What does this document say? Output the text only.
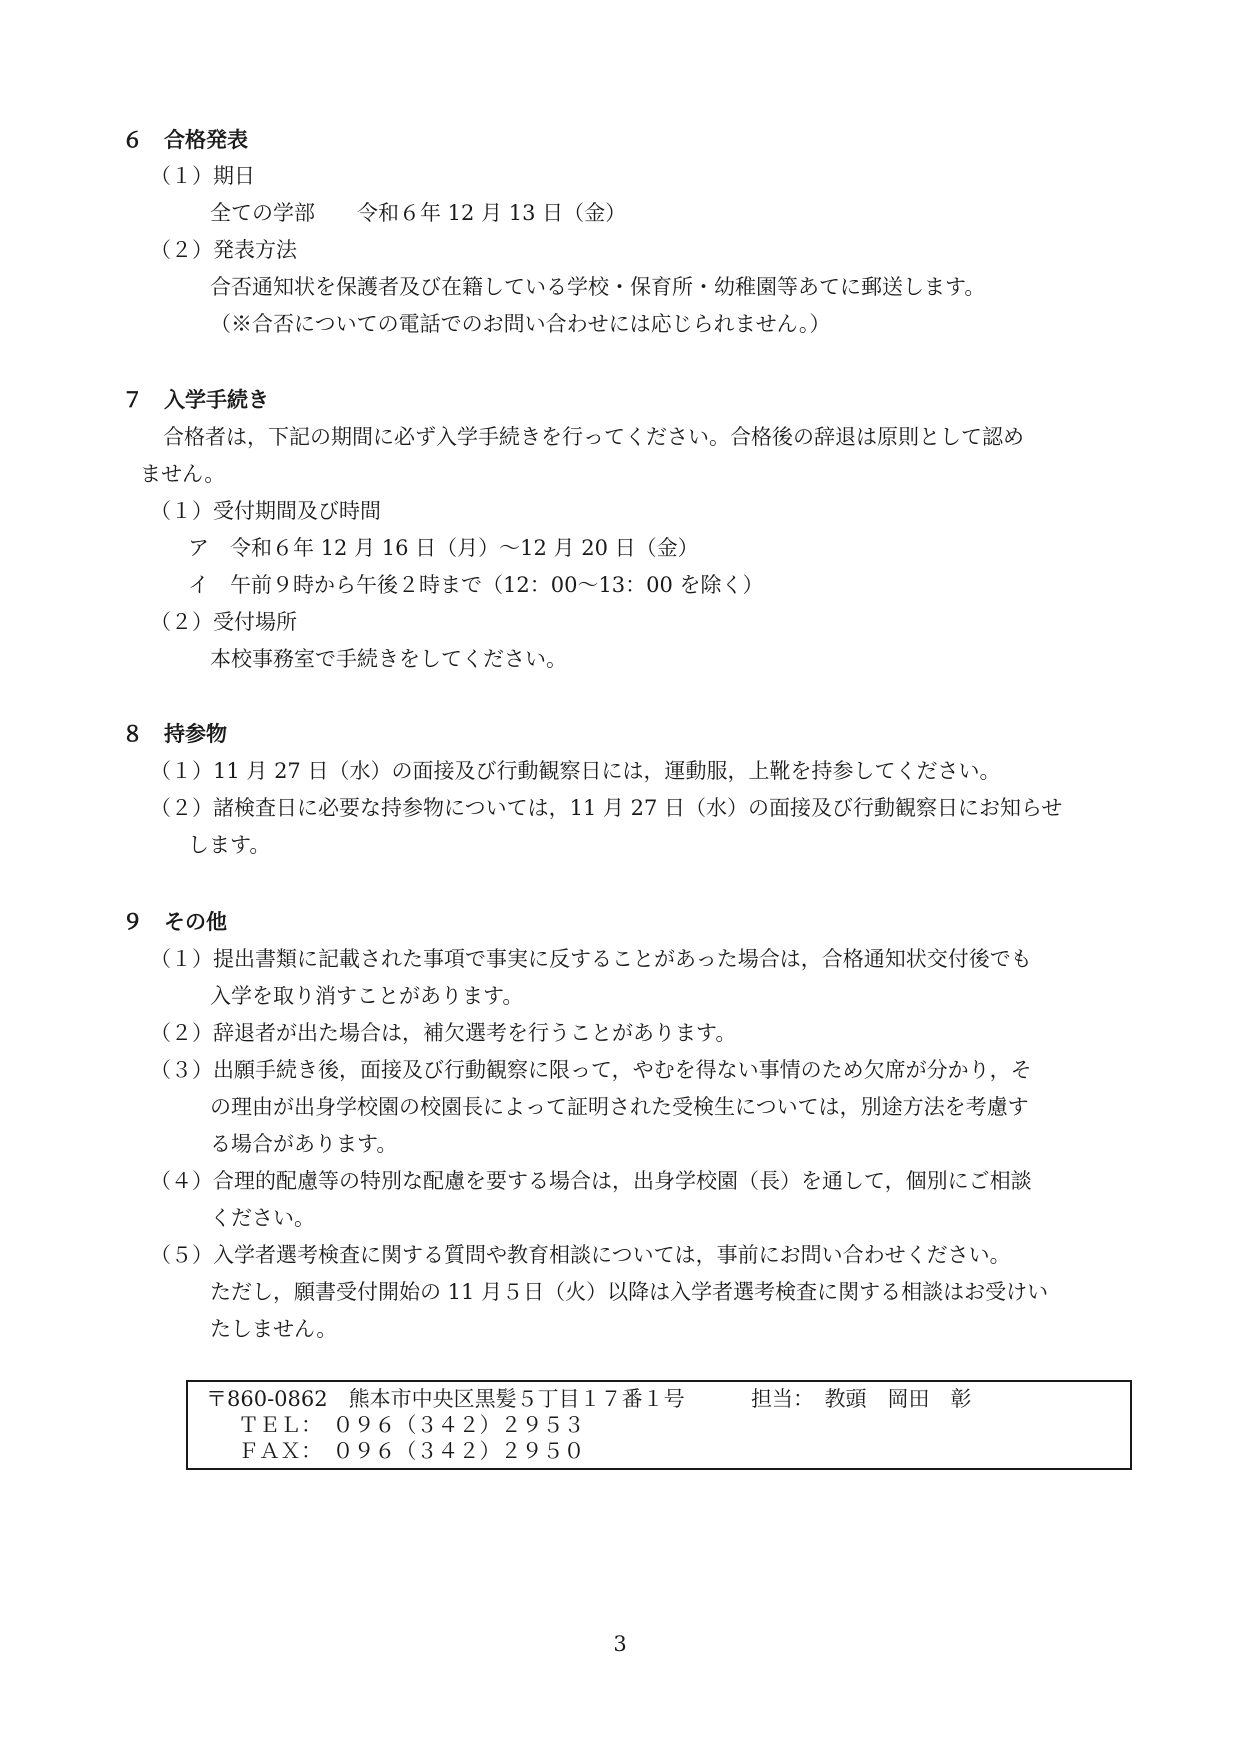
６　合格発表
（１）期日
全ての学部　　令和６年 12 月 13 日（金）
（２）発表方法
合否通知状を保護者及び在籍している学校・保育所・幼稚園等あてに郵送します。
（※合否についての電話でのお問い合わせには応じられません。）
７　入学手続き
合格者は，下記の期間に必ず入学手続きを行ってください。合格後の辞退は原則として認め
ません。
（１）受付期間及び時間
ア　令和６年 12 月 16 日（月）～12 月 20 日（金）
イ　午前９時から午後２時まで（12：00～13：00 を除く）
（２）受付場所
本校事務室で手続きをしてください。
８　持参物
（１）11 月 27 日（水）の面接及び行動観察日には，運動服，上靴を持参してください。
（２）諸検査日に必要な持参物については，11 月 27 日（水）の面接及び行動観察日にお知らせ
します。
９　その他
（１）提出書類に記載された事項で事実に反することがあった場合は，合格通知状交付後でも
入学を取り消すことがあります。
（２）辞退者が出た場合は，補欠選考を行うことがあります。
（３）出願手続き後，面接及び行動観察に限って，やむを得ない事情のため欠席が分かり，そ
の理由が出身学校園の校園長によって証明された受検生については，別途方法を考慮す
る場合があります。
（４）合理的配慮等の特別な配慮を要する場合は，出身学校園（長）を通して，個別にご相談
ください。
（５）入学者選考検査に関する質問や教育相談については，事前にお問い合わせください。
ただし，願書受付開始の 11 月５日（火）以降は入学者選考検査に関する相談はお受けい
たしません。
〒860-0862　熊本市中央区黒髪５丁目１７番１号	担当：　教頭　岡田　彰
ＴＥＬ：　０９６（３４２）２９５３
ＦＡＸ：　０９６（３４２）２９５０
3
